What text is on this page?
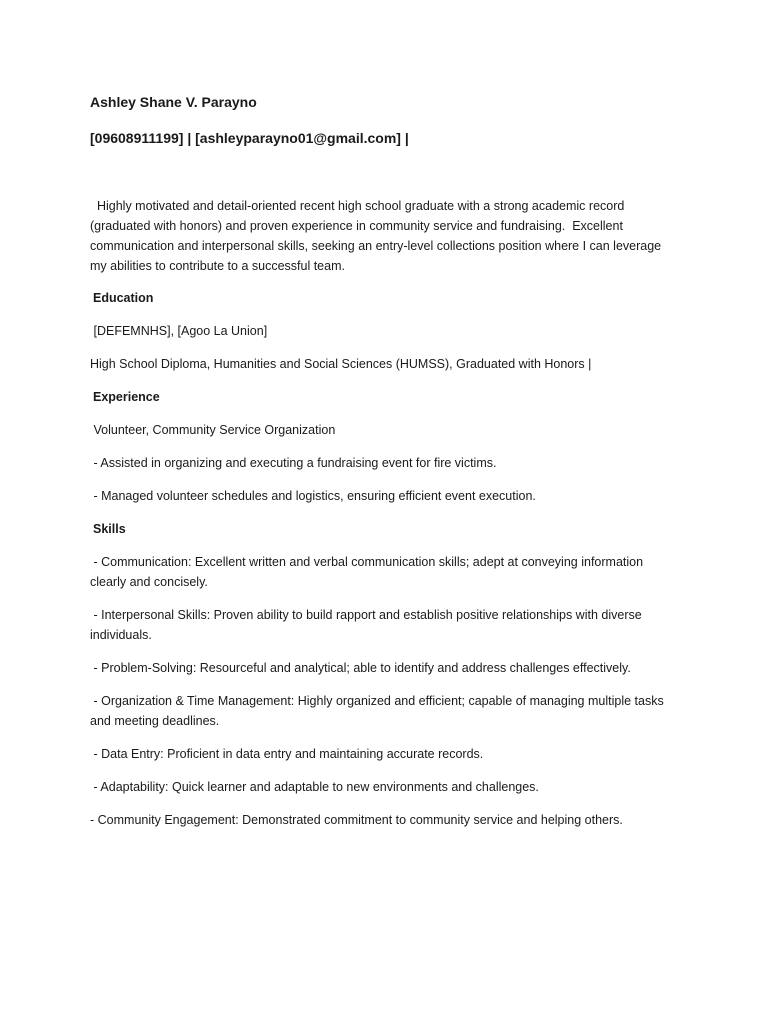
Ashley Shane V. Parayno
[09608911199] | [ashleyparayno01@gmail.com] |
Highly motivated and detail-oriented recent high school graduate with a strong academic record (graduated with honors) and proven experience in community service and fundraising.  Excellent communication and interpersonal skills, seeking an entry-level collections position where I can leverage my abilities to contribute to a successful team.
Education
[DEFEMNHS], [Agoo La Union]
High School Diploma, Humanities and Social Sciences (HUMSS), Graduated with Honors |
Experience
Volunteer, Community Service Organization
- Assisted in organizing and executing a fundraising event for fire victims.
- Managed volunteer schedules and logistics, ensuring efficient event execution.
Skills
- Communication: Excellent written and verbal communication skills; adept at conveying information clearly and concisely.
- Interpersonal Skills: Proven ability to build rapport and establish positive relationships with diverse individuals.
- Problem-Solving: Resourceful and analytical; able to identify and address challenges effectively.
- Organization & Time Management: Highly organized and efficient; capable of managing multiple tasks and meeting deadlines.
- Data Entry: Proficient in data entry and maintaining accurate records.
- Adaptability: Quick learner and adaptable to new environments and challenges.
- Community Engagement: Demonstrated commitment to community service and helping others.
